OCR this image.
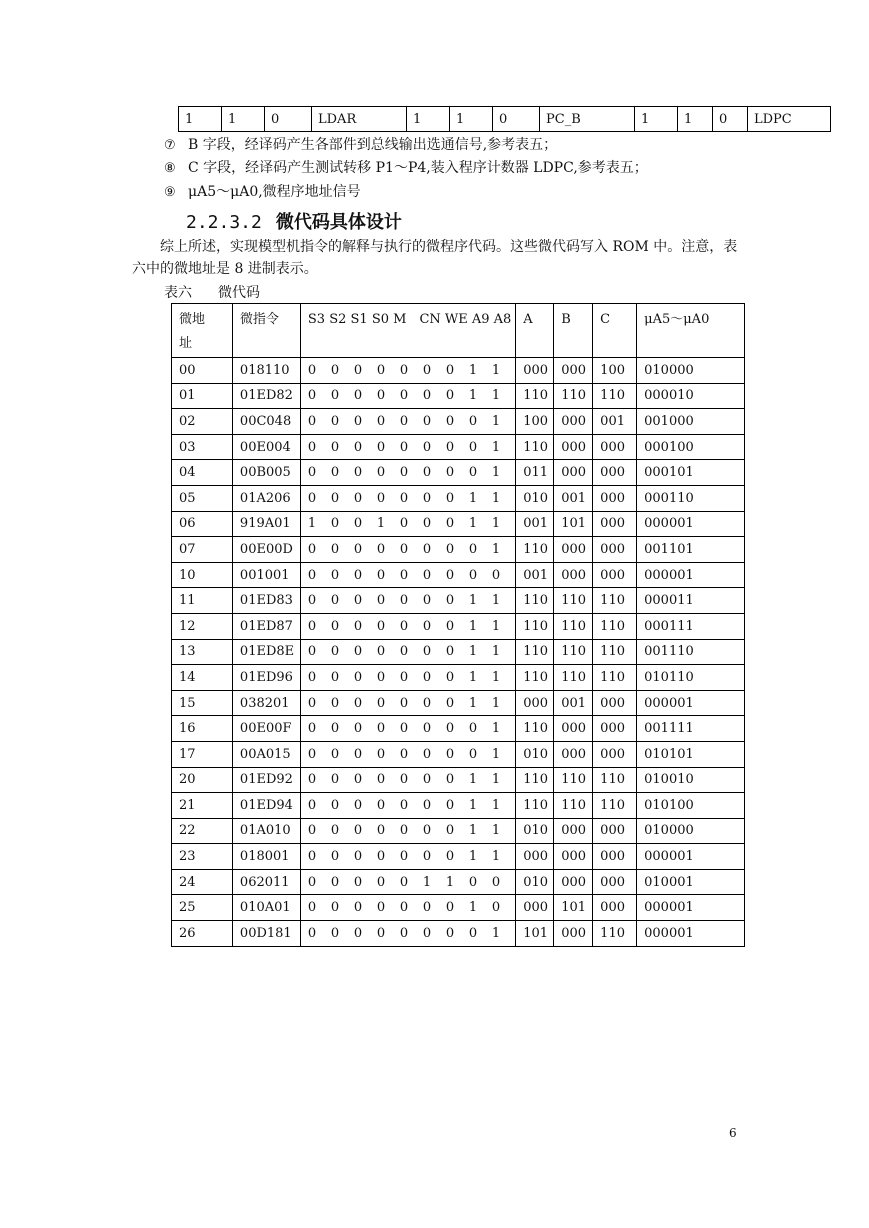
1	1	0	LDAR	1	1	0	PC_B	1	1	0	LDPC
⑦ B 字段，经译码产生各部件到总线输出选通信号,参考表五；
⑧ C 字段，经译码产生测试转移 P1～P4,装入程序计数器 LDPC,参考表五；
⑨ μA5～μA0,微程序地址信号
2.2.3.2 微代码具体设计
综上所述，实现模型机指令的解释与执行的微程序代码。这些微代码写入 ROM 中。注意，表六中的微地址是 8 进制表示。
表六 微代码
微地址	微指令	S3 S2 S1 S0 M　CN WE A9 A8	A	B	C	μA5～μA0
00	018110	0 0 0 0 0 0 0 1 1	000	000	100	010000
01	01ED82	0 0 0 0 0 0 0 1 1	110	110	110	000010
02	00C048	0 0 0 0 0 0 0 0 1	100	000	001	001000
03	00E004	0 0 0 0 0 0 0 0 1	110	000	000	000100
04	00B005	0 0 0 0 0 0 0 0 1	011	000	000	000101
05	01A206	0 0 0 0 0 0 0 1 1	010	001	000	000110
06	919A01	1 0 0 1 0 0 0 1 1	001	101	000	000001
07	00E00D	0 0 0 0 0 0 0 0 1	110	000	000	001101
10	001001	0 0 0 0 0 0 0 0 0	001	000	000	000001
11	01ED83	0 0 0 0 0 0 0 1 1	110	110	110	000011
12	01ED87	0 0 0 0 0 0 0 1 1	110	110	110	000111
13	01ED8E	0 0 0 0 0 0 0 1 1	110	110	110	001110
14	01ED96	0 0 0 0 0 0 0 1 1	110	110	110	010110
15	038201	0 0 0 0 0 0 0 1 1	000	001	000	000001
16	00E00F	0 0 0 0 0 0 0 0 1	110	000	000	001111
17	00A015	0 0 0 0 0 0 0 0 1	010	000	000	010101
20	01ED92	0 0 0 0 0 0 0 1 1	110	110	110	010010
21	01ED94	0 0 0 0 0 0 0 1 1	110	110	110	010100
22	01A010	0 0 0 0 0 0 0 1 1	010	000	000	010000
23	018001	0 0 0 0 0 0 0 1 1	000	000	000	000001
24	062011	0 0 0 0 0 1 1 0 0	010	000	000	010001
25	010A01	0 0 0 0 0 0 0 1 0	000	101	000	000001
26	00D181	0 0 0 0 0 0 0 0 1	101	000	110	000001
6
